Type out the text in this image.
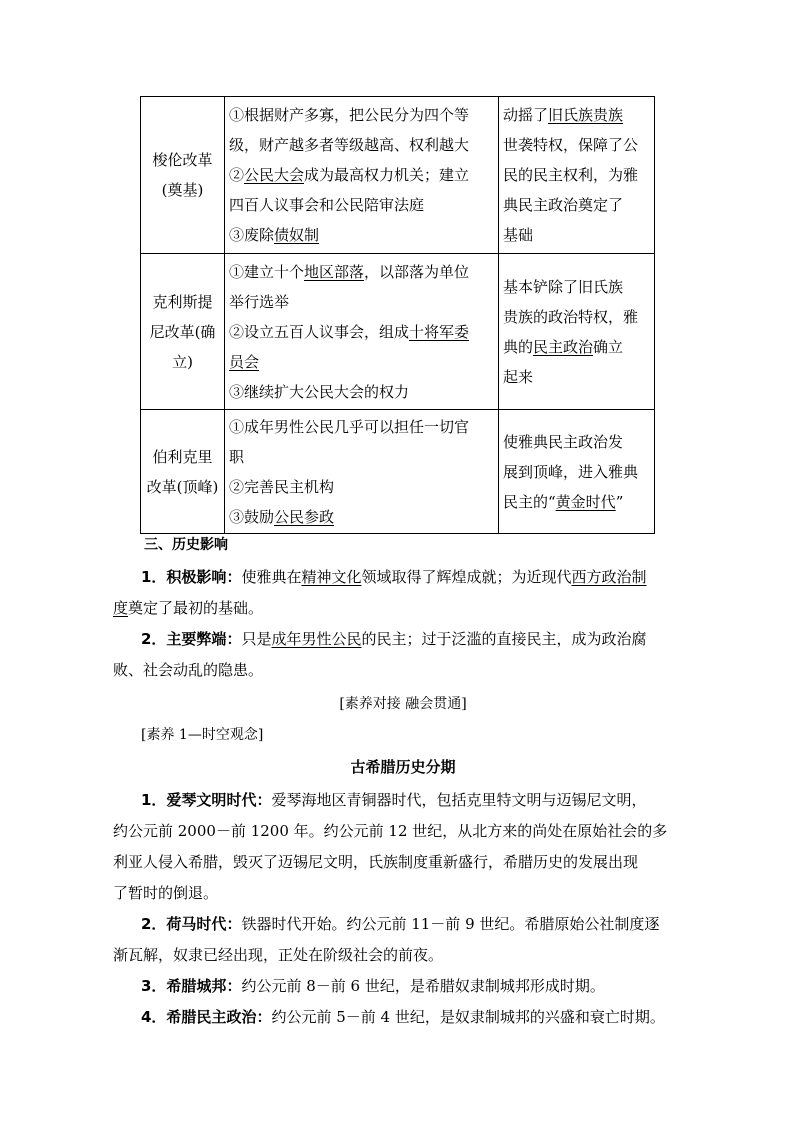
梭伦改革
(奠基)	①根据财产多寡，把公民分为四个等
级，财产越多者等级越高、权利越大
②公民大会成为最高权力机关；建立
四百人议事会和公民陪审法庭
③废除债奴制	动摇了旧氏族贵族
世袭特权，保障了公
民的民主权利，为雅
典民主政治奠定了
基础

克利斯提
尼改革(确
立)	①建立十个地区部落，以部落为单位
举行选举
②设立五百人议事会，组成十将军委
员会
③继续扩大公民大会的权力	基本铲除了旧氏族
贵族的政治特权，雅
典的民主政治确立
起来

伯利克里
改革(顶峰)	①成年男性公民几乎可以担任一切官
职
②完善民主机构
③鼓励公民参政	使雅典民主政治发
展到顶峰，进入雅典
民主的“黄金时代”
三、历史影响
1．积极影响：使雅典在精神文化领域取得了辉煌成就；为近现代西方政治制
度奠定了最初的基础。
2．主要弊端：只是成年男性公民的民主；过于泛滥的直接民主，成为政治腐
败、社会动乱的隐患。
[素养对接 融会贯通]
[素养 1—时空观念]
古希腊历史分期
1．爱琴文明时代：爱琴海地区青铜器时代，包括克里特文明与迈锡尼文明，
约公元前 2000－前 1200 年。约公元前 12 世纪，从北方来的尚处在原始社会的多
利亚人侵入希腊，毁灭了迈锡尼文明，氏族制度重新盛行，希腊历史的发展出现
了暂时的倒退。
2．荷马时代：铁器时代开始。约公元前 11－前 9 世纪。希腊原始公社制度逐
渐瓦解，奴隶已经出现，正处在阶级社会的前夜。
3．希腊城邦：约公元前 8－前 6 世纪，是希腊奴隶制城邦形成时期。
4．希腊民主政治：约公元前 5－前 4 世纪，是奴隶制城邦的兴盛和衰亡时期。
